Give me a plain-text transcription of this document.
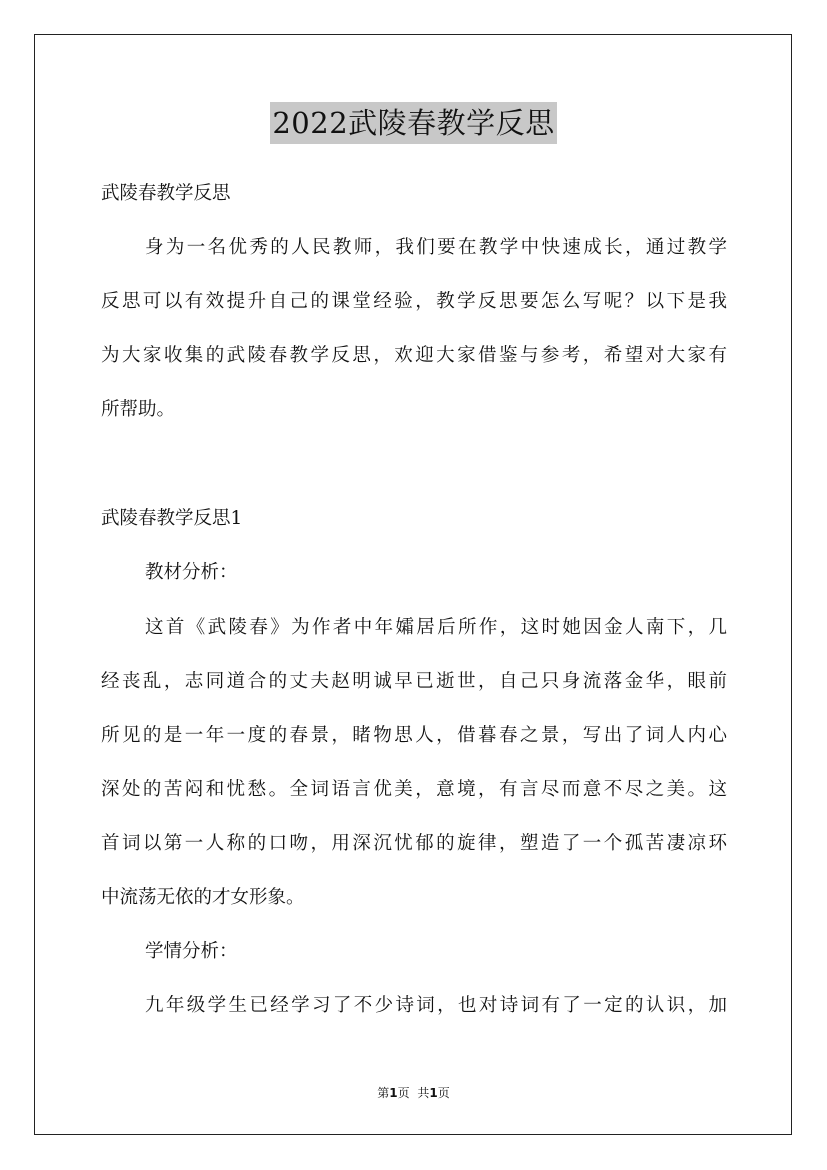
2022武陵春教学反思

武陵春教学反思

身为一名优秀的人民教师，我们要在教学中快速成长，通过教学
反思可以有效提升自己的课堂经验，教学反思要怎么写呢？以下是我
为大家收集的武陵春教学反思，欢迎大家借鉴与参考，希望对大家有
所帮助。

武陵春教学反思1

教材分析：

这首《武陵春》为作者中年孀居后所作，这时她因金人南下，几
经丧乱，志同道合的丈夫赵明诚早已逝世，自己只身流落金华，眼前
所见的是一年一度的春景，睹物思人，借暮春之景，写出了词人内心
深处的苦闷和忧愁。全词语言优美，意境，有言尽而意不尽之美。这
首词以第一人称的口吻，用深沉忧郁的旋律，塑造了一个孤苦凄凉环
中流荡无依的才女形象。

学情分析：

九年级学生已经学习了不少诗词，也对诗词有了一定的认识，加
第1页 共1页
